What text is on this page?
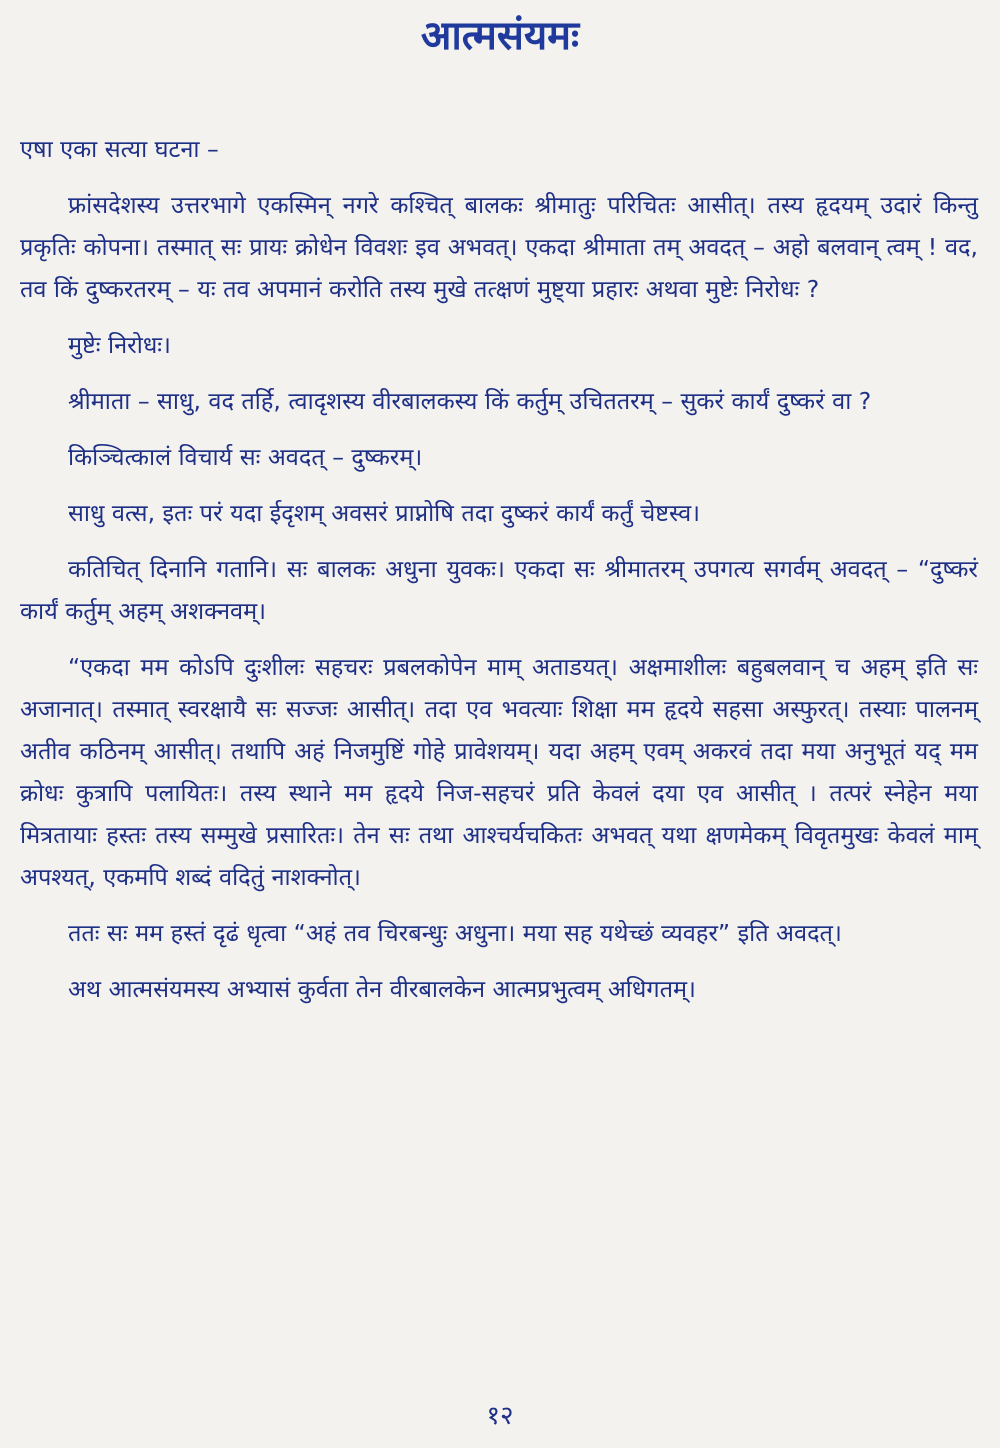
आत्मसंयमः

एषा एका सत्या घटना –

फ्रांसदेशस्य उत्तरभागे एकस्मिन् नगरे कश्चित् बालकः श्रीमातुः परिचितः आसीत्। तस्य हृदयम् उदारं किन्तु प्रकृतिः कोपना। तस्मात् सः प्रायः क्रोधेन विवशः इव अभवत्। एकदा श्रीमाता तम् अवदत् – अहो बलवान् त्वम् ! वद, तव किं दुष्करतरम् – यः तव अपमानं करोति तस्य मुखे तत्क्षणं मुष्ट्या प्रहारः अथवा मुष्टेः निरोधः ?

मुष्टेः निरोधः।

श्रीमाता – साधु, वद तर्हि, त्वादृशस्य वीरबालकस्य किं कर्तुम् उचिततरम् – सुकरं कार्यं दुष्करं वा ?

किञ्चित्कालं विचार्य सः अवदत् – दुष्करम्।

साधु वत्स, इतः परं यदा ईदृशम् अवसरं प्राप्नोषि तदा दुष्करं कार्यं कर्तुं चेष्टस्व।

कतिचित् दिनानि गतानि। सः बालकः अधुना युवकः। एकदा सः श्रीमातरम् उपगत्य सगर्वम् अवदत् – “दुष्करं कार्यं कर्तुम् अहम् अशक्नवम्।

“एकदा मम कोऽपि दुःशीलः सहचरः प्रबलकोपेन माम् अताडयत्। अक्षमाशीलः बहुबलवान् च अहम् इति सः अजानात्। तस्मात् स्वरक्षायै सः सज्जः आसीत्। तदा एव भवत्याः शिक्षा मम हृदये सहसा अस्फुरत्। तस्याः पालनम् अतीव कठिनम् आसीत्। तथापि अहं निजमुष्टिं गोहे प्रावेशयम्। यदा अहम् एवम् अकरवं तदा मया अनुभूतं यद् मम क्रोधः कुत्रापि पलायितः। तस्य स्थाने मम हृदये निज-सहचरं प्रति केवलं दया एव आसीत् । तत्परं स्नेहेन मया मित्रतायाः हस्तः तस्य सम्मुखे प्रसारितः। तेन सः तथा आश्चर्यचकितः अभवत् यथा क्षणमेकम् विवृतमुखः केवलं माम् अपश्यत्, एकमपि शब्दं वदितुं नाशक्नोत्।

ततः सः मम हस्तं दृढं धृत्वा “अहं तव चिरबन्धुः अधुना। मया सह यथेच्छं व्यवहर” इति अवदत्।

अथ आत्मसंयमस्य अभ्यासं कुर्वता तेन वीरबालकेन आत्मप्रभुत्वम् अधिगतम्।

१२
